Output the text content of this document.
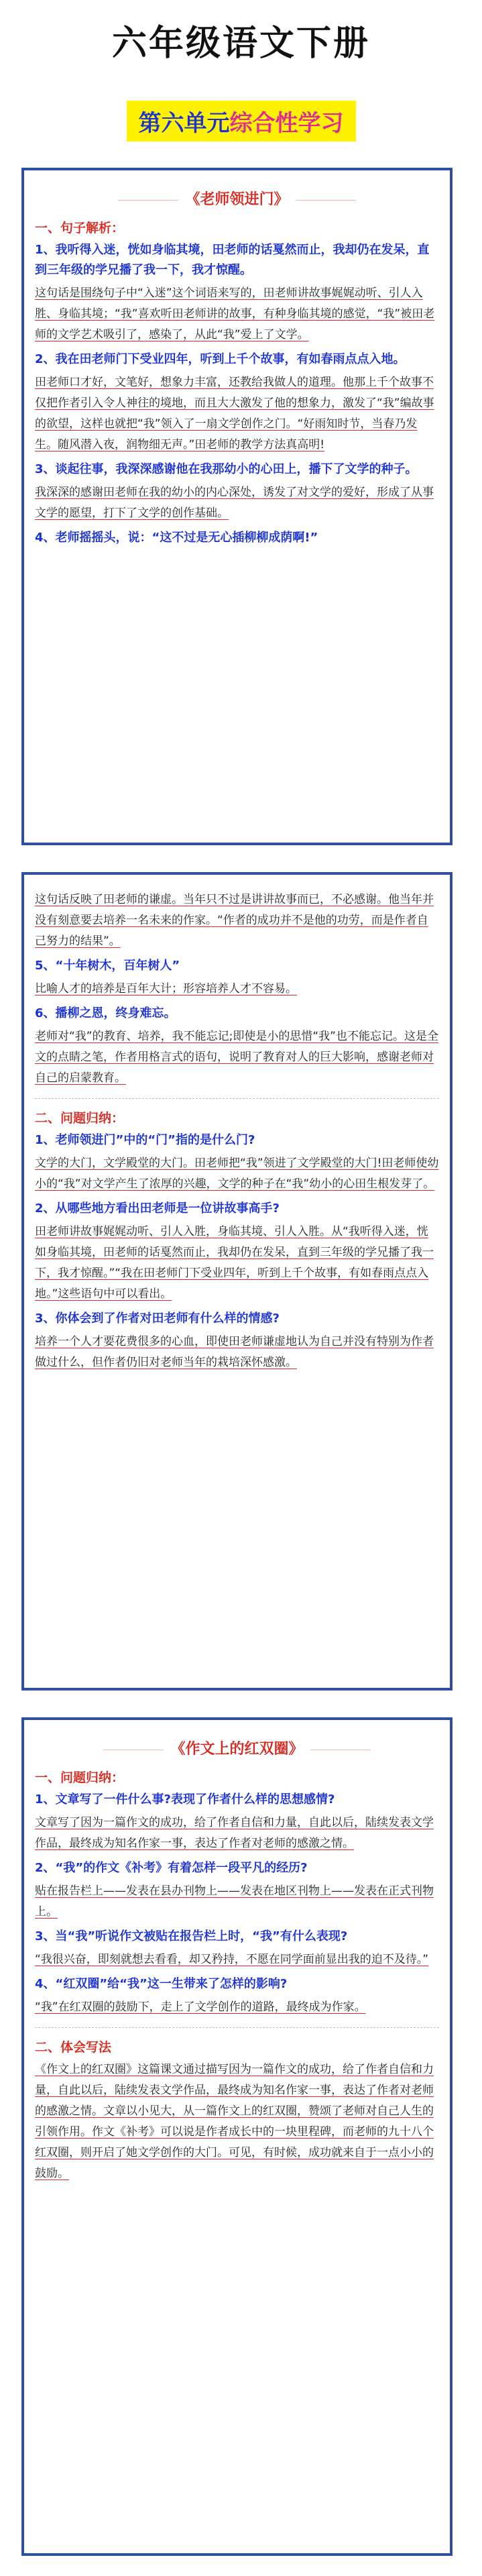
六年级语文下册
第六单元综合性学习
《老师领进门》
一、句子解析：
1、我听得入迷，恍如身临其境，田老师的话戛然而止，我却仍在发呆，直到三年级的学兄播了我一下，我才惊醒。
这句话是围绕句子中“入迷”这个词语来写的，田老师讲故事娓娓动听、引人入胜、身临其境；“我”喜欢听田老师讲的故事，有种身临其境的感觉，“我”被田老师的文学艺术吸引了，感染了，从此“我”爱上了文学。
2、我在田老师门下受业四年，听到上千个故事，有如春雨点点入地。
田老师口才好，文笔好，想象力丰富，还教给我做人的道理。他那上千个故事不仅把作者引入令人神往的境地，而且大大激发了他的想象力，激发了“我”编故事的欲望，这样也就把“我”领入了一扇文学创作之门。“好雨知时节，当春乃发生。随风潜入夜，润物细无声。”田老师的教学方法真高明!
3、谈起往事，我深深感谢他在我那幼小的心田上，播下了文学的种子。
我深深的感谢田老师在我的幼小的内心深处，诱发了对文学的爱好，形成了从事文学的愿望，打下了文学的创作基础。
4、老师摇摇头，说：“这不过是无心插柳柳成荫啊!”
这句话反映了田老师的谦虚。当年只不过是讲讲故事而已，不必感谢。他当年并没有刻意要去培养一名未来的作家。“作者的成功并不是他的功劳，而是作者自己努力的结果”。
5、“十年树木，百年树人”
比喻人才的培养是百年大计；形容培养人才不容易。
6、播柳之恩，终身难忘。
老师对“我”的教育、培养，我不能忘记;即使是小的思惜“我”也不能忘记。这是全文的点睛之笔，作者用格言式的语句，说明了教育对人的巨大影响，感谢老师对自己的启蒙教育。
二、问题归纳：
1、老师领进门”中的“门”指的是什么门?
文学的大门，文学殿堂的大门。田老师把“我”领进了文学殿堂的大门!田老师使幼小的“我”对文学产生了浓厚的兴趣，文学的种子在“我”幼小的心田生根发芽了。
2、从哪些地方看出田老师是一位讲故事高手?
田老师讲故事娓娓动听、引人入胜，身临其境、引人入胜。从“我听得入迷，恍如身临其境，田老师的话戛然而止，我却仍在发呆，直到三年级的学兄播了我一下，我才惊醒。”“我在田老师门下受业四年，听到上千个故事，有如春雨点点入地。”这些语句中可以看出。
3、你体会到了作者对田老师有什么样的情感?
培养一个人才要花费很多的心血，即使田老师谦虚地认为自己并没有特别为作者做过什么，但作者仍旧对老师当年的栽培深怀感激。
《作文上的红双圈》
一、问题归纳：
1、文章写了一件什么事?表现了作者什么样的思想感情?
文章写了因为一篇作文的成功，给了作者自信和力量，自此以后，陆续发表文学作品，最终成为知名作家一事，表达了作者对老师的感激之情。
2、“我”的作文《补考》有着怎样一段平凡的经历?
贴在报告栏上——发表在县办刊物上——发表在地区刊物上——发表在正式刊物上。
3、当“我”听说作文被贴在报告栏上时，“我”有什么表现?
“我很兴奋，即刻就想去看看，却又矜持，不愿在同学面前显出我的迫不及待。”
4、“红双圈”给“我”这一生带来了怎样的影响?
“我”在红双圈的鼓励下，走上了文学创作的道路，最终成为作家。
二、体会写法
《作文上的红双圈》这篇课文通过描写因为一篇作文的成功，给了作者自信和力量，自此以后，陆续发表文学作品，最终成为知名作家一事，表达了作者对老师的感激之情。文章以小见大，从一篇作文上的红双圈，赞颂了老师对自己人生的引领作用。作文《补考》可以说是作者成长中的一块里程碑，而老师的九十八个红双圈，则开启了她文学创作的大门。可见，有时候，成功就来自于一点小小的鼓励。
